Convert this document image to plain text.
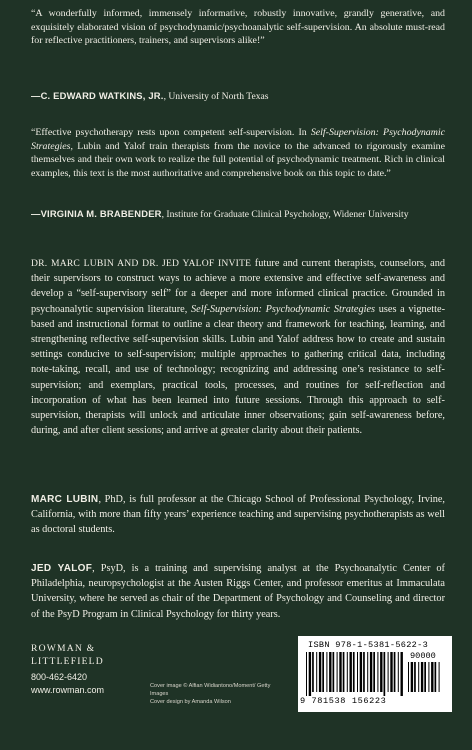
“A wonderfully informed, immensely informative, robustly innovative, grandly generative, and exquisitely elaborated vision of psychodynamic/psychoanalytic self-supervision. An absolute must-read for reflective practitioners, trainers, and supervisors alike!”

—C. EDWARD WATKINS, JR., University of North Texas

“Effective psychotherapy rests upon competent self-supervision. In Self-Supervision: Psychodynamic Strategies, Lubin and Yalof train therapists from the novice to the advanced to rigorously examine themselves and their own work to realize the full potential of psychodynamic treatment. Rich in clinical examples, this text is the most authoritative and comprehensive book on this topic to date.”

—VIRGINIA M. BRABENDER, Institute for Graduate Clinical Psychology, Widener University

DR. MARC LUBIN AND DR. JED YALOF INVITE future and current therapists, counselors, and their supervisors to construct ways to achieve a more extensive and effective self-awareness and develop a “self-supervisory self” for a deeper and more informed clinical practice. Grounded in psychoanalytic supervision literature, Self-Supervision: Psychodynamic Strategies uses a vignette-based and instructional format to outline a clear theory and framework for teaching, learning, and strengthening reflective self-supervision skills. Lubin and Yalof address how to create and sustain settings conducive to self-supervision; multiple approaches to gathering critical data, including note-taking, recall, and use of technology; recognizing and addressing one’s resistance to self-supervision; and exemplars, practical tools, processes, and routines for self-reflection and incorporation of what has been learned into future sessions. Through this approach to self-supervision, therapists will unlock and articulate inner observations; gain self-awareness before, during, and after client sessions; and arrive at greater clarity about their patients.

MARC LUBIN, PhD, is full professor at the Chicago School of Professional Psychology, Irvine, California, with more than fifty years’ experience teaching and supervising psychotherapists as well as doctoral students.

JED YALOF, PsyD, is a training and supervising analyst at the Psychoanalytic Center of Philadelphia, neuropsychologist at the Austen Riggs Center, and professor emeritus at Immaculata University, where he served as chair of the Department of Psychology and Counseling and director of the PsyD Program in Clinical Psychology for thirty years.

ROWMAN &
LITTLEFIELD
800-462-6420
www.rowman.com	Cover image © Alfian Widiantono/Moment/ Getty Images
Cover design by Amanda Wilson
ISBN 978-1-5381-5622-3
90000
9 781538 156223
